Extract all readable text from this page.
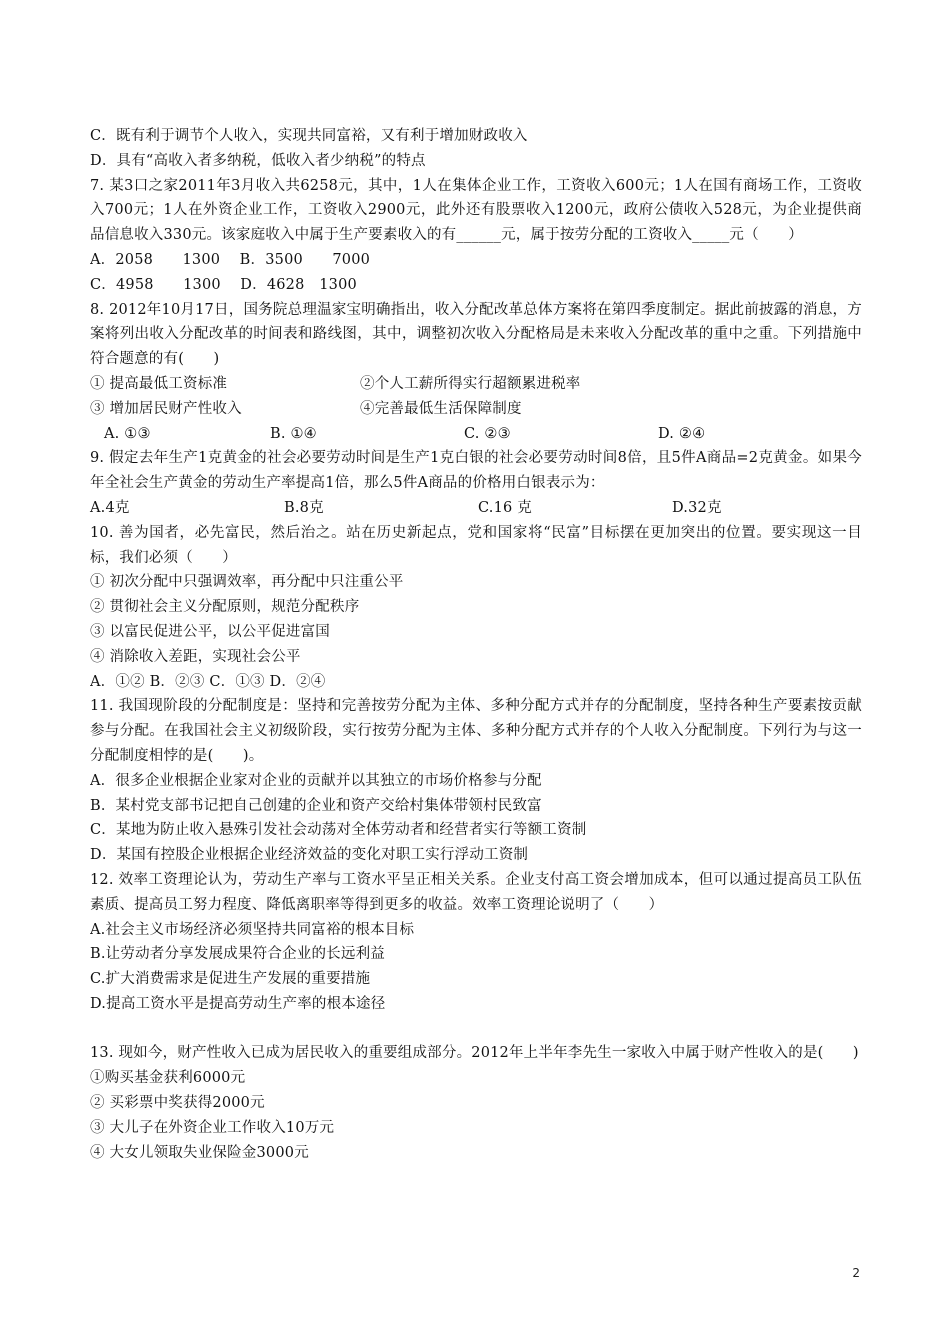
C．既有利于调节个人收入，实现共同富裕，又有利于增加财政收入
D．具有“高收入者多纳税，低收入者少纳税”的特点
7. 某3口之家2011年3月收入共6258元，其中，1人在集体企业工作，工资收入600元；1人在国有商场工作，工资收入700元；1人在外资企业工作，工资收入2900元，此外还有股票收入1200元，政府公债收入528元，为企业提供商品信息收入330元。该家庭收入中属于生产要素收入的有______元，属于按劳分配的工资收入_____元（　　）
A．2058　　1300　 B．3500　　7000
C．4958　　1300　 D．4628　1300
8. 2012年10月17日，国务院总理温家宝明确指出，收入分配改革总体方案将在第四季度制定。据此前披露的消息，方案将列出收入分配改革的时间表和路线图，其中，调整初次收入分配格局是未来收入分配改革的重中之重。下列措施中符合题意的有(　　)
① 提高最低工资标准	②个人工薪所得实行超额累进税率
③ 增加居民财产性收入	④完善最低生活保障制度
A. ①③	B. ①④	C. ②③	D. ②④
9. 假定去年生产1克黄金的社会必要劳动时间是生产1克白银的社会必要劳动时间8倍，且5件A商品=2克黄金。如果今年全社会生产黄金的劳动生产率提高1倍，那么5件A商品的价格用白银表示为：
A.4克	B.8克	C.16 克	D.32克
10. 善为国者，必先富民，然后治之。站在历史新起点，党和国家将“民富”目标摆在更加突出的位置。要实现这一目标，我们必须（　　）
① 初次分配中只强调效率，再分配中只注重公平
② 贯彻社会主义分配原则，规范分配秩序
③ 以富民促进公平，以公平促进富国
④ 消除收入差距，实现社会公平
A．①② B．②③ C．①③ D．②④
11. 我国现阶段的分配制度是：坚持和完善按劳分配为主体、多种分配方式并存的分配制度，坚持各种生产要素按贡献参与分配。在我国社会主义初级阶段，实行按劳分配为主体、多种分配方式并存的个人收入分配制度。下列行为与这一分配制度相悖的是(　　)。
A．很多企业根据企业家对企业的贡献并以其独立的市场价格参与分配
B．某村党支部书记把自己创建的企业和资产交给村集体带领村民致富
C．某地为防止收入悬殊引发社会动荡对全体劳动者和经营者实行等额工资制
D．某国有控股企业根据企业经济效益的变化对职工实行浮动工资制
12. 效率工资理论认为，劳动生产率与工资水平呈正相关关系。企业支付高工资会增加成本，但可以通过提高员工队伍素质、提高员工努力程度、降低离职率等得到更多的收益。效率工资理论说明了（　　）
A.社会主义市场经济必须坚持共同富裕的根本目标
B.让劳动者分享发展成果符合企业的长远利益
C.扩大消费需求是促进生产发展的重要措施
D.提高工资水平是提高劳动生产率的根本途径
13. 现如今，财产性收入已成为居民收入的重要组成部分。2012年上半年李先生一家收入中属于财产性收入的是(　　)
①购买基金获利6000元
② 买彩票中奖获得2000元
③ 大儿子在外资企业工作收入10万元
④ 大女儿领取失业保险金3000元
2
